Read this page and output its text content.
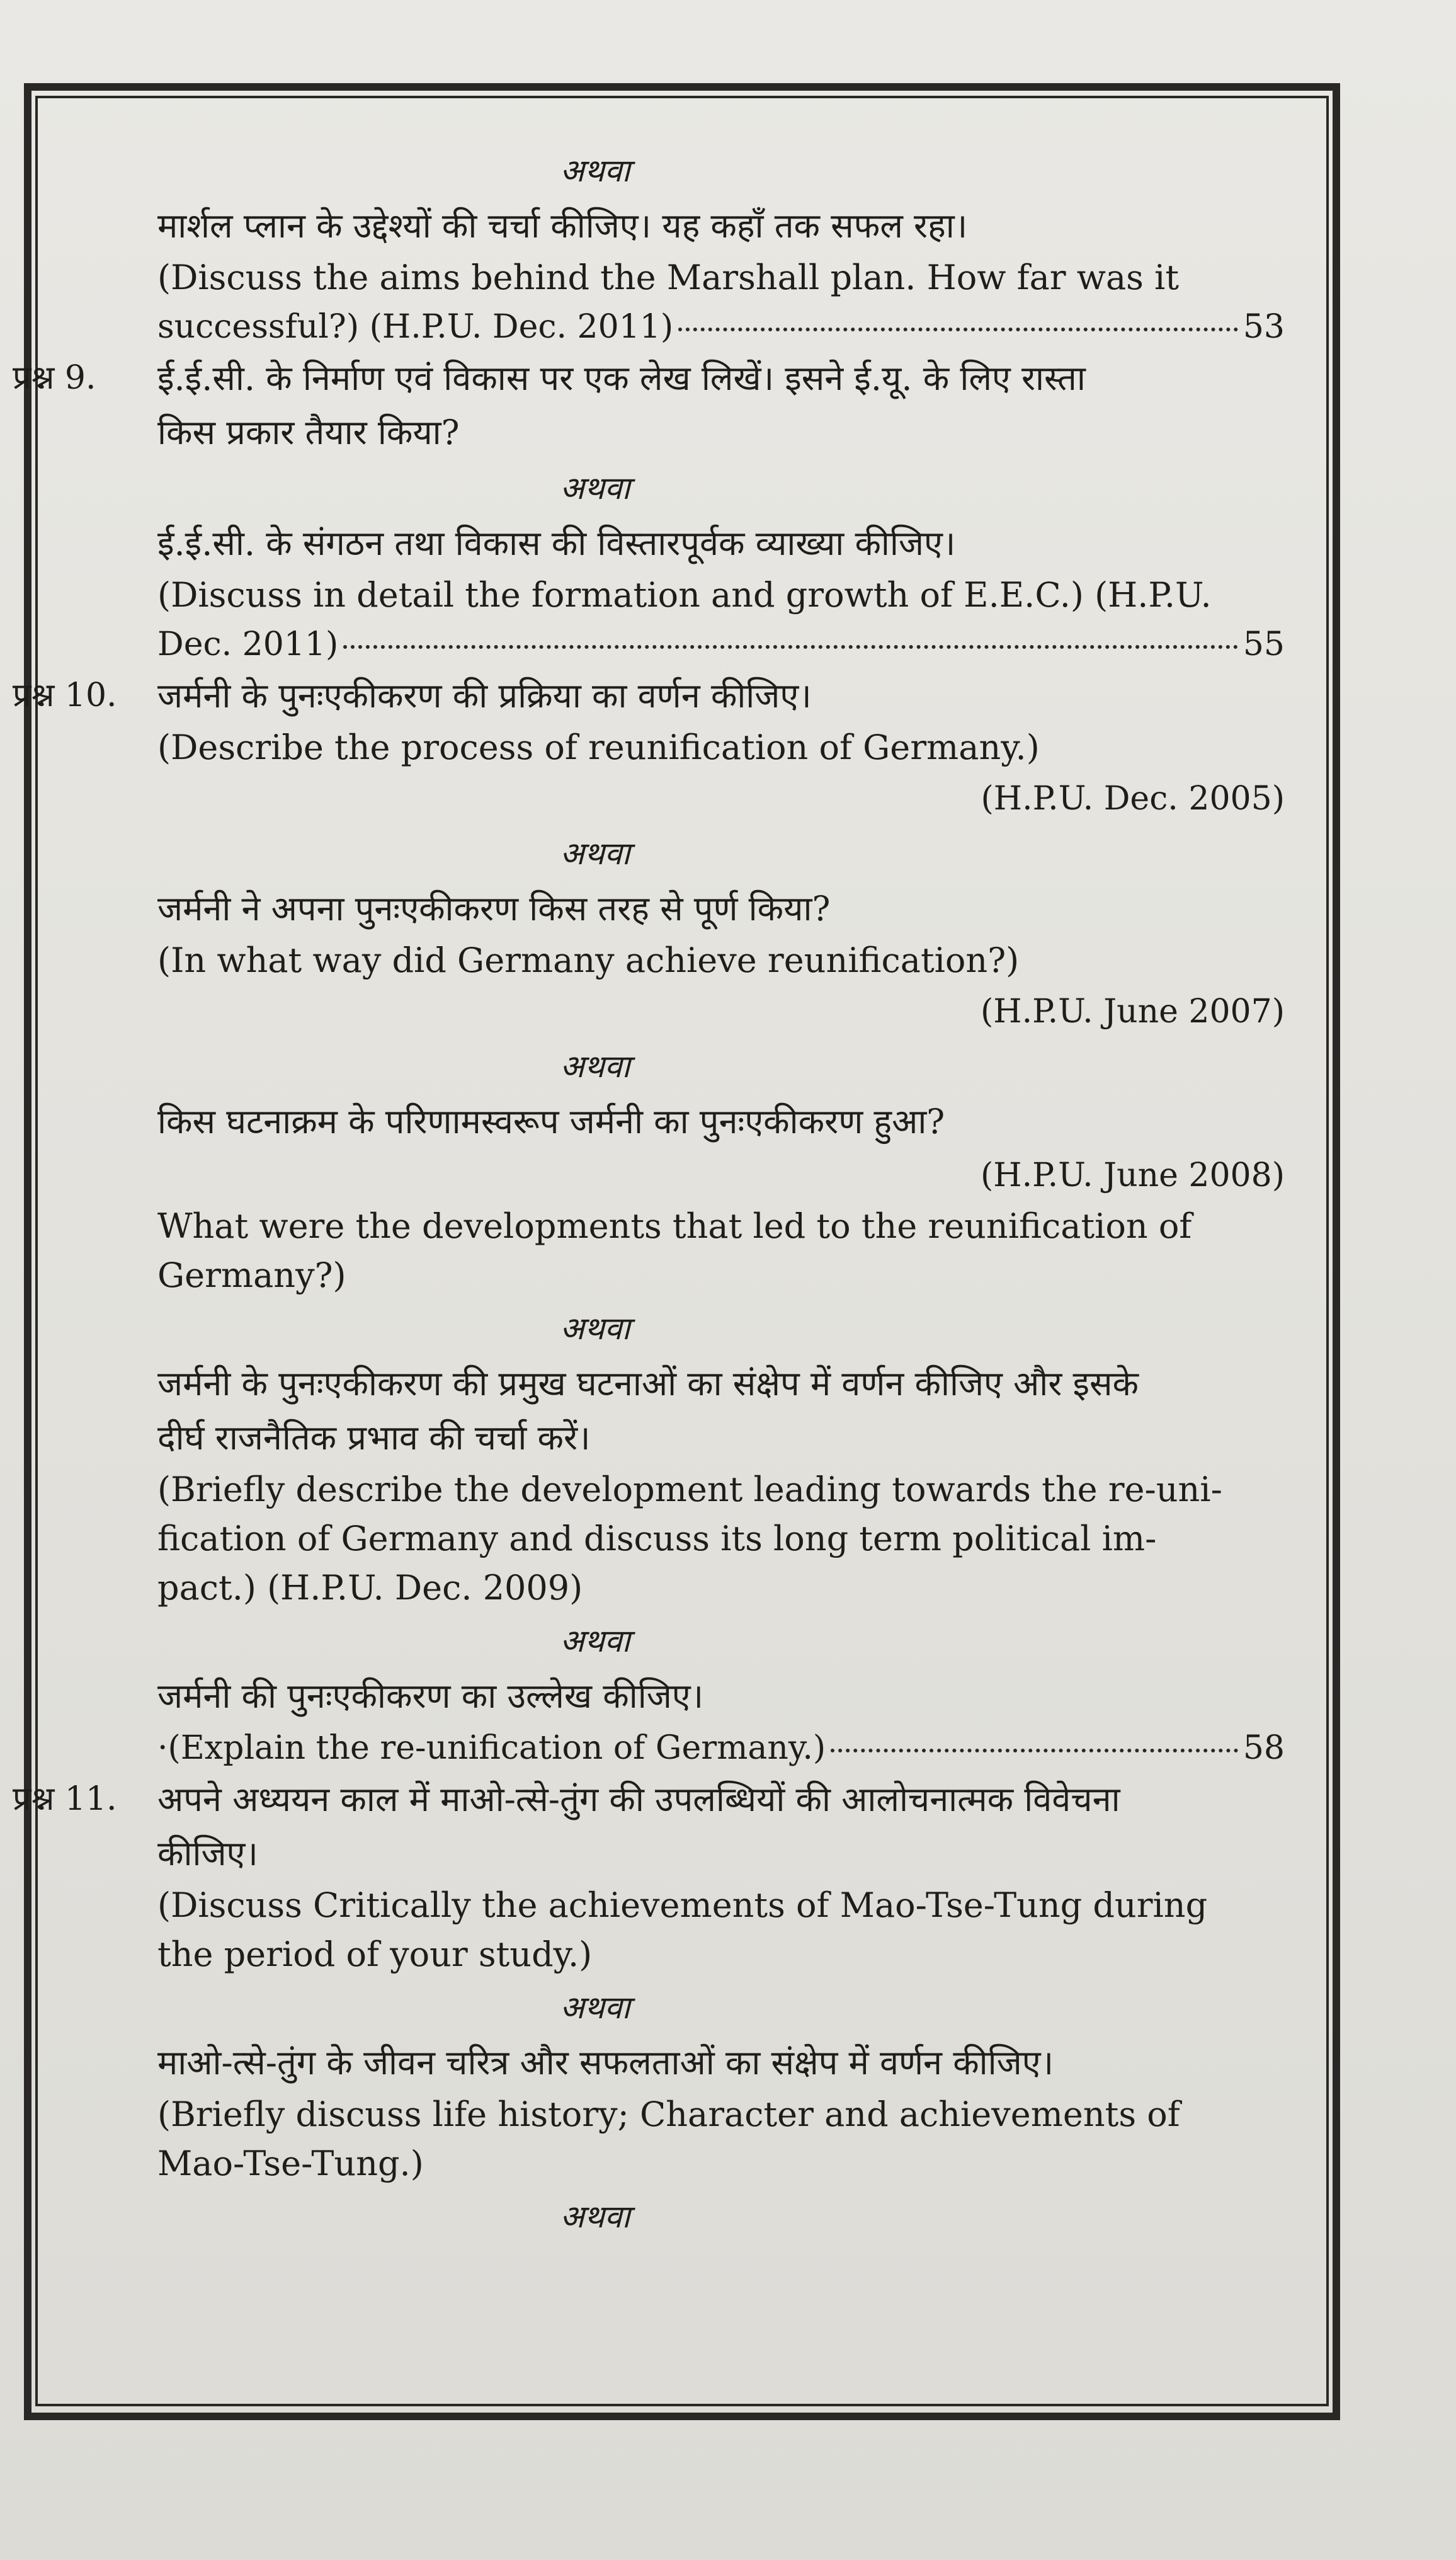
अथवा
मार्शल प्लान के उद्देश्यों की चर्चा कीजिए। यह कहाँ तक सफल रहा।
(Discuss the aims behind the Marshall plan. How far was it
successful?) (H.P.U. Dec. 2011)	53
प्रश्न 9.	ई.ई.सी. के निर्माण एवं विकास पर एक लेख लिखें। इसने ई.यू. के लिए रास्ता
किस प्रकार तैयार किया?
अथवा
ई.ई.सी. के संगठन तथा विकास की विस्तारपूर्वक व्याख्या कीजिए।
(Discuss in detail the formation and growth of E.E.C.) (H.P.U.
Dec. 2011)	55
प्रश्न 10.	जर्मनी के पुनःएकीकरण की प्रक्रिया का वर्णन कीजिए।
(Describe the process of reunification of Germany.)
(H.P.U. Dec. 2005)
अथवा
जर्मनी ने अपना पुनःएकीकरण किस तरह से पूर्ण किया?
(In what way did Germany achieve reunification?)
(H.P.U. June 2007)
अथवा
किस घटनाक्रम के परिणामस्वरूप जर्मनी का पुनःएकीकरण हुआ?
(H.P.U. June 2008)
What were the developments that led to the reunification of
Germany?)
अथवा
जर्मनी के पुनःएकीकरण की प्रमुख घटनाओं का संक्षेप में वर्णन कीजिए और इसके
दीर्घ राजनैतिक प्रभाव की चर्चा करें।
(Briefly describe the development leading towards the re-uni-
fication of Germany and discuss its long term political im-
pact.) (H.P.U. Dec. 2009)
अथवा
जर्मनी की पुनःएकीकरण का उल्लेख कीजिए।
·(Explain the re-unification of Germany.)	58
प्रश्न 11.	अपने अध्ययन काल में माओ-त्से-तुंग की उपलब्धियों की आलोचनात्मक विवेचना
कीजिए।
(Discuss Critically the achievements of Mao-Tse-Tung during
the period of your study.)
अथवा
माओ-त्से-तुंग के जीवन चरित्र और सफलताओं का संक्षेप में वर्णन कीजिए।
(Briefly discuss life history; Character and achievements of
Mao-Tse-Tung.)
अथवा
